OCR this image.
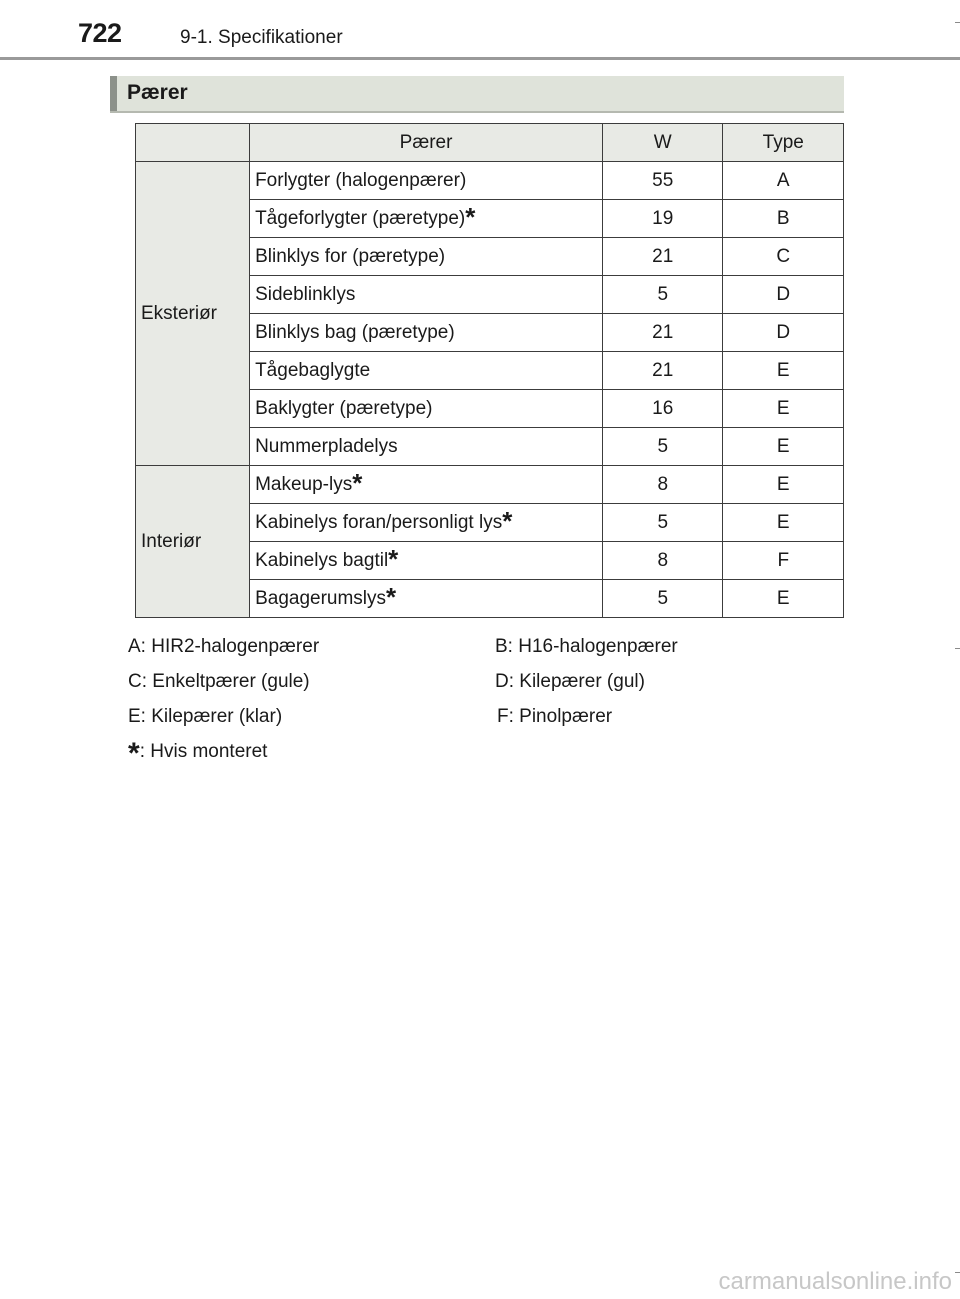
722	9-1. Specifikationer
Pærer
	Pærer	W	Type
Eksteriør	Forlygter (halogenpærer)	55	A
	Tågeforlygter (pæretype)*	19	B
	Blinklys for (pæretype)	21	C
	Sideblinklys	5	D
	Blinklys bag (pæretype)	21	D
	Tågebaglygte	21	E
	Baklygter (pæretype)	16	E
	Nummerpladelys	5	E
Interiør	Makeup-lys*	8	E
	Kabinelys foran/personligt lys*	5	E
	Kabinelys bagtil*	8	F
	Bagagerumslys*	5	E
A: HIR2-halogenpærer	B: H16-halogenpærer
C: Enkeltpærer (gule)	D: Kilepærer (gul)
E: Kilepærer (klar)	F: Pinolpærer
*: Hvis monteret
carmanualsonline.info
